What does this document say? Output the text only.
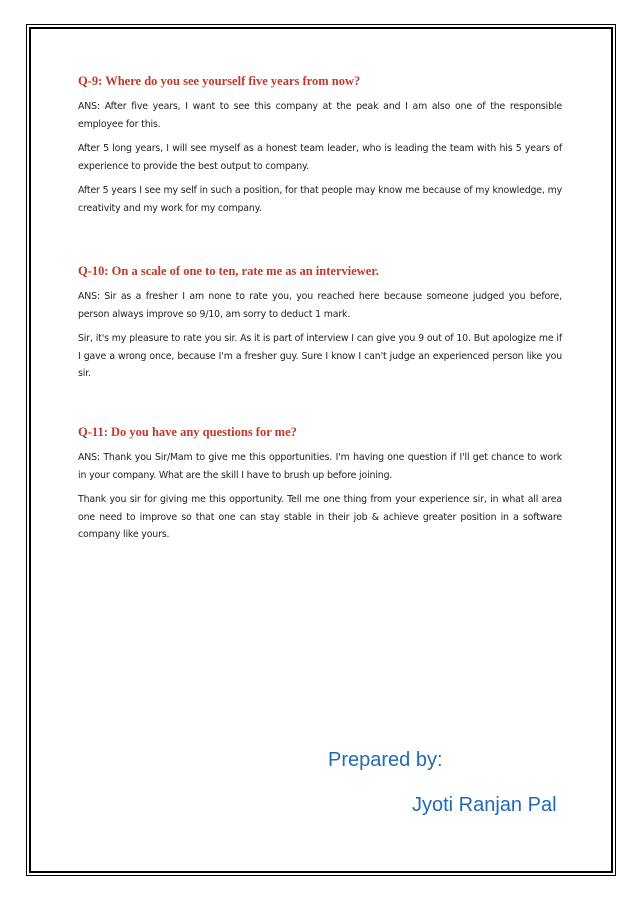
Q-9: Where do you see yourself five years from now?

ANS: After five years, I want to see this company at the peak and I am also one of the responsible employee for this.

After 5 long years, I will see myself as a honest team leader, who is leading the team with his 5 years of experience to provide the best output to company.

After 5 years I see my self in such a position, for that people may know me because of my knowledge, my creativity and my work for my company.

Q-10: On a scale of one to ten, rate me as an interviewer.

ANS: Sir as a fresher I am none to rate you, you reached here because someone judged you before, person always improve so 9/10, am sorry to deduct 1 mark.

Sir, it's my pleasure to rate you sir. As it is part of interview I can give you 9 out of 10. But apologize me if I gave a wrong once, because I'm a fresher guy. Sure I know I can't judge an experienced person like you sir.

Q-11: Do you have any questions for me?

ANS: Thank you Sir/Mam to give me this opportunities. I'm having one question if I'll get chance to work in your company. What are the skill I have to brush up before joining.

Thank you sir for giving me this opportunity. Tell me one thing from your experience sir, in what all area one need to improve so that one can stay stable in their job & achieve greater position in a software company like yours.

Prepared by:
Jyoti Ranjan Pal
